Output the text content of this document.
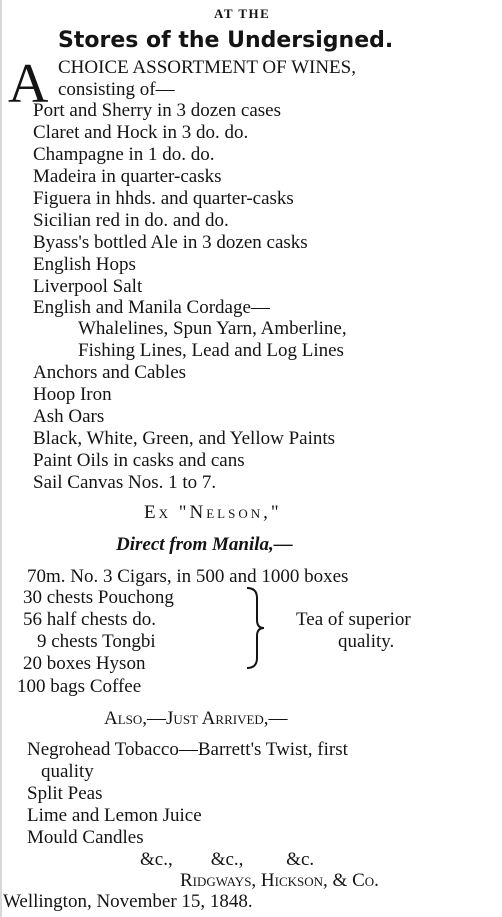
AT THE
Stores of the Undersigned.
A CHOICE ASSORTMENT OF WINES,
consisting of—
Port and Sherry in 3 dozen cases
Claret and Hock in 3 do. do.
Champagne in 1 do. do.
Madeira in quarter-casks
Figuera in hhds. and quarter-casks
Sicilian red in do. and do.
Byass's bottled Ale in 3 dozen casks
English Hops
Liverpool Salt
English and Manila Cordage—
Whalelines, Spun Yarn, Amberline,
Fishing Lines, Lead and Log Lines
Anchors and Cables
Hoop Iron
Ash Oars
Black, White, Green, and Yellow Paints
Paint Oils in casks and cans
Sail Canvas Nos. 1 to 7.
Ex "Nelson,"
Direct from Manila,—
70m. No. 3 Cigars, in 500 and 1000 boxes
30 chests Pouchong
56 half chests do.
9 chests Tongbi
20 boxes Hyson
Tea of superior
quality.
100 bags Coffee
Also,—Just Arrived,—
Negrohead Tobacco—Barrett's Twist, first
quality
Split Peas
Lime and Lemon Juice
Mould Candles
&c.,        &c.,         &c.
Ridgways, Hickson, & Co.
Wellington, November 15, 1848.
